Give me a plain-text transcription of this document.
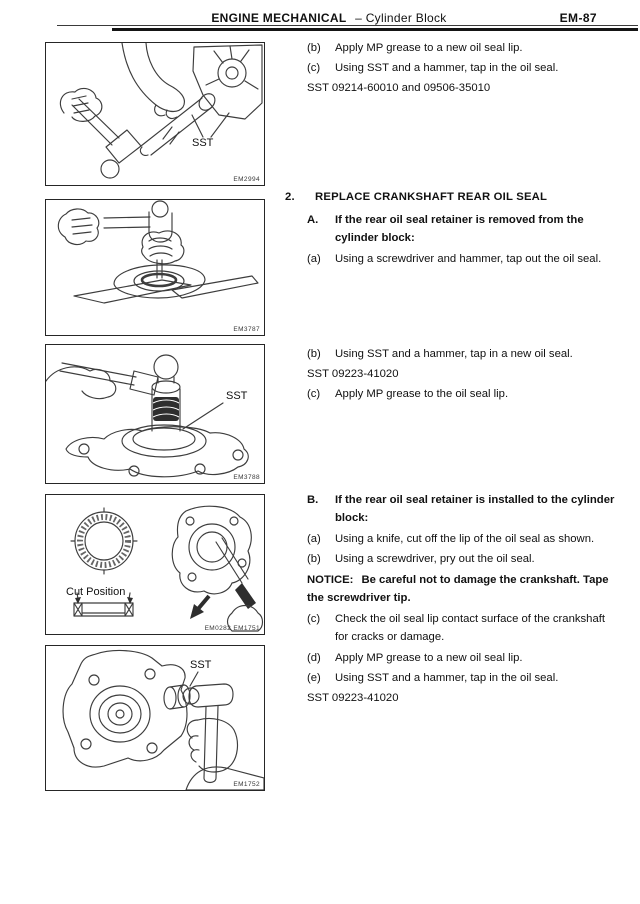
ENGINE MECHANICAL – Cylinder Block	EM-87
SST
EM2994
EM3787
SST
EM3788
Cut Position
EM0282 EM1751
SST
EM1752
(b)	Apply MP grease to a new oil seal lip.
(c)	Using SST and a hammer, tap in the oil seal.
SST 09214-60010 and 09506-35010
2.	REPLACE CRANKSHAFT REAR OIL SEAL
A.	If the rear oil seal retainer is removed from the cylinder block:
(a)	Using a screwdriver and hammer, tap out the oil seal.
(b)	Using SST and a hammer, tap in a new oil seal.
SST 09223-41020
(c)	Apply MP grease to the oil seal lip.
B.	If the rear oil seal retainer is installed to the cylinder block:
(a)	Using a knife, cut off the lip of the oil seal as shown.
(b)	Using a screwdriver, pry out the oil seal.
NOTICE: Be careful not to damage the crankshaft. Tape the screwdriver tip.
(c)	Check the oil seal lip contact surface of the crankshaft for cracks or damage.
(d)	Apply MP grease to a new oil seal lip.
(e)	Using SST and a hammer, tap in the oil seal.
SST 09223-41020
